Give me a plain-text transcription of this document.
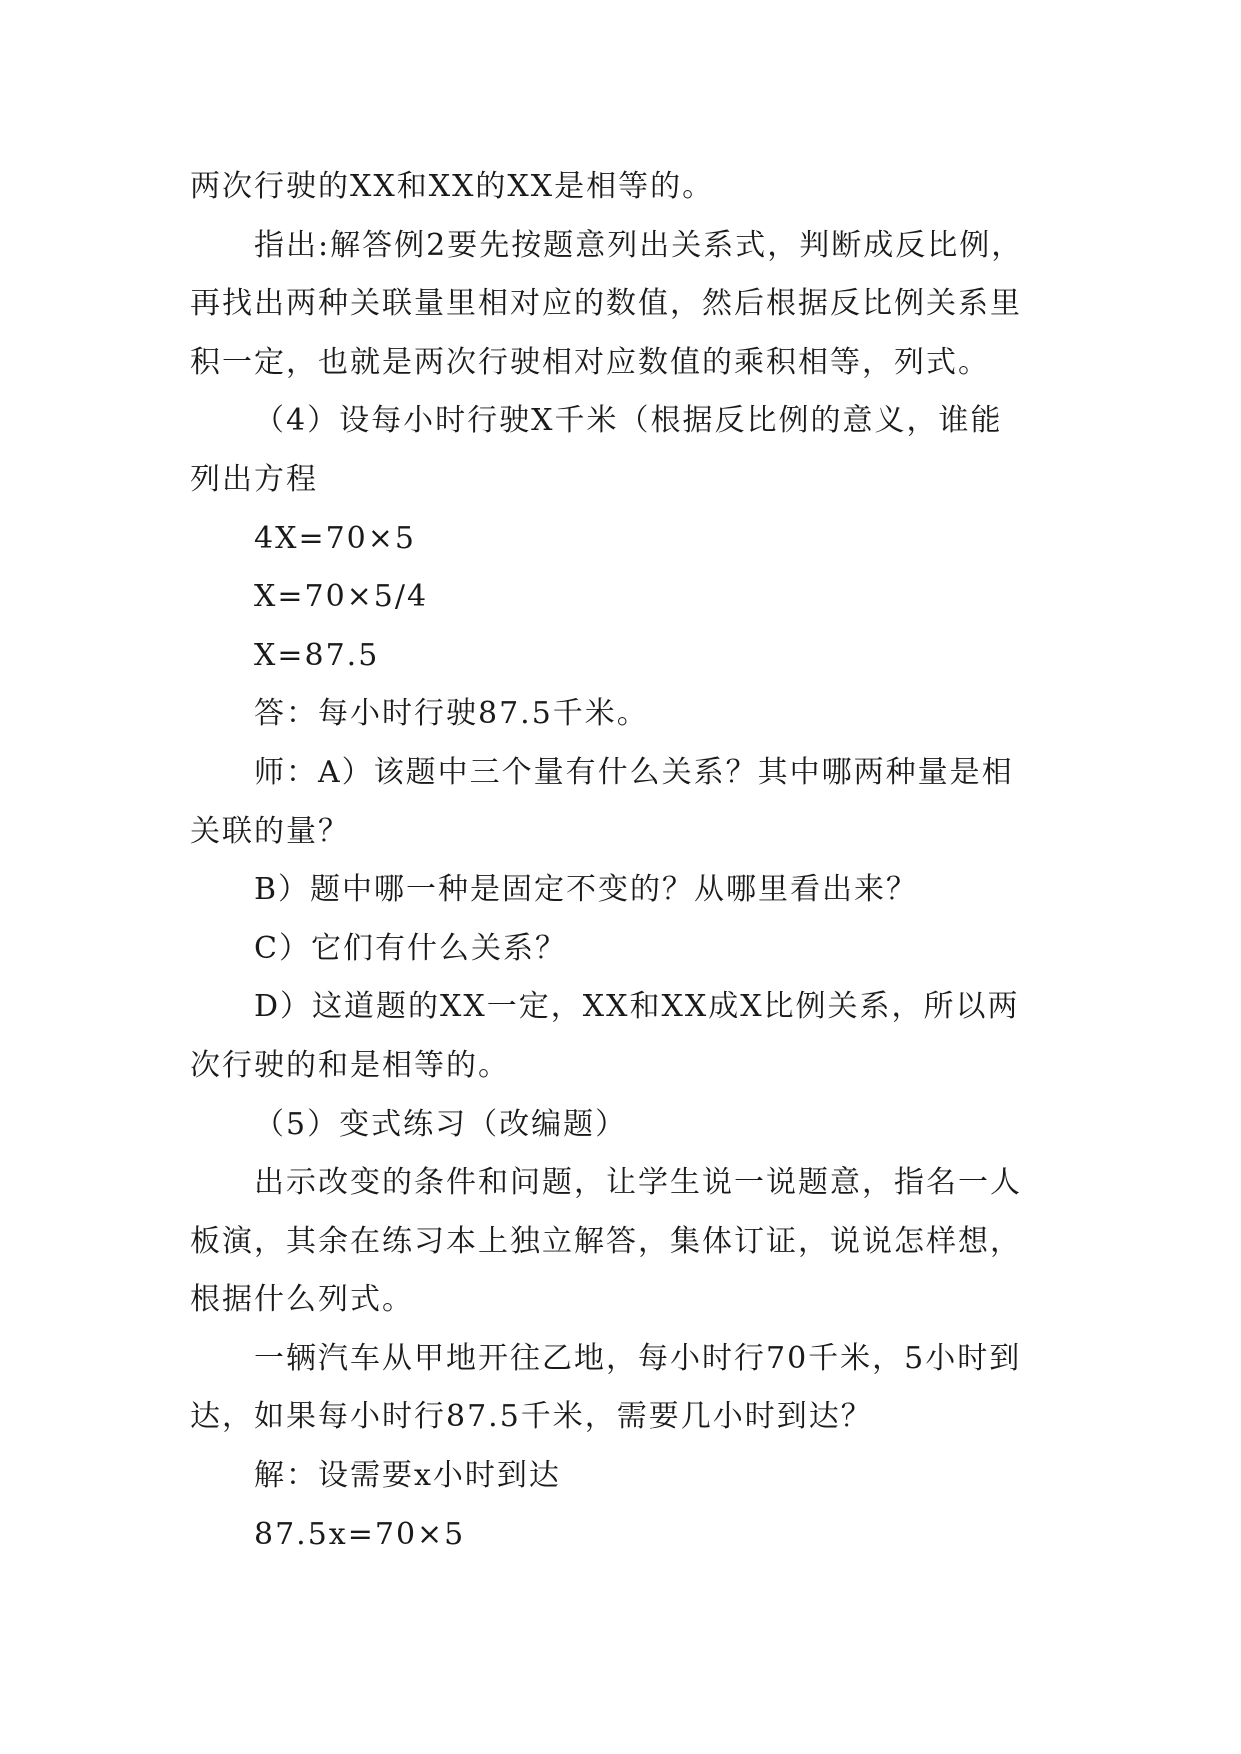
两次行驶的XX和XX的XX是相等的。
指出:解答例2要先按题意列出关系式，判断成反比例，
再找出两种关联量里相对应的数值，然后根据反比例关系里
积一定，也就是两次行驶相对应数值的乘积相等，列式。
（4）设每小时行驶X千米（根据反比例的意义，谁能
列出方程
4X=70×5
X=70×5/4
X=87.5
答：每小时行驶87.5千米。
师：A）该题中三个量有什么关系？其中哪两种量是相
关联的量？
B）题中哪一种是固定不变的？从哪里看出来？
C）它们有什么关系？
D）这道题的XX一定，XX和XX成X比例关系，所以两
次行驶的和是相等的。
（5）变式练习（改编题）
出示改变的条件和问题，让学生说一说题意，指名一人
板演，其余在练习本上独立解答，集体订证，说说怎样想，
根据什么列式。
一辆汽车从甲地开往乙地，每小时行70千米，5小时到
达，如果每小时行87.5千米，需要几小时到达？
解：设需要x小时到达
87.5x=70×5
